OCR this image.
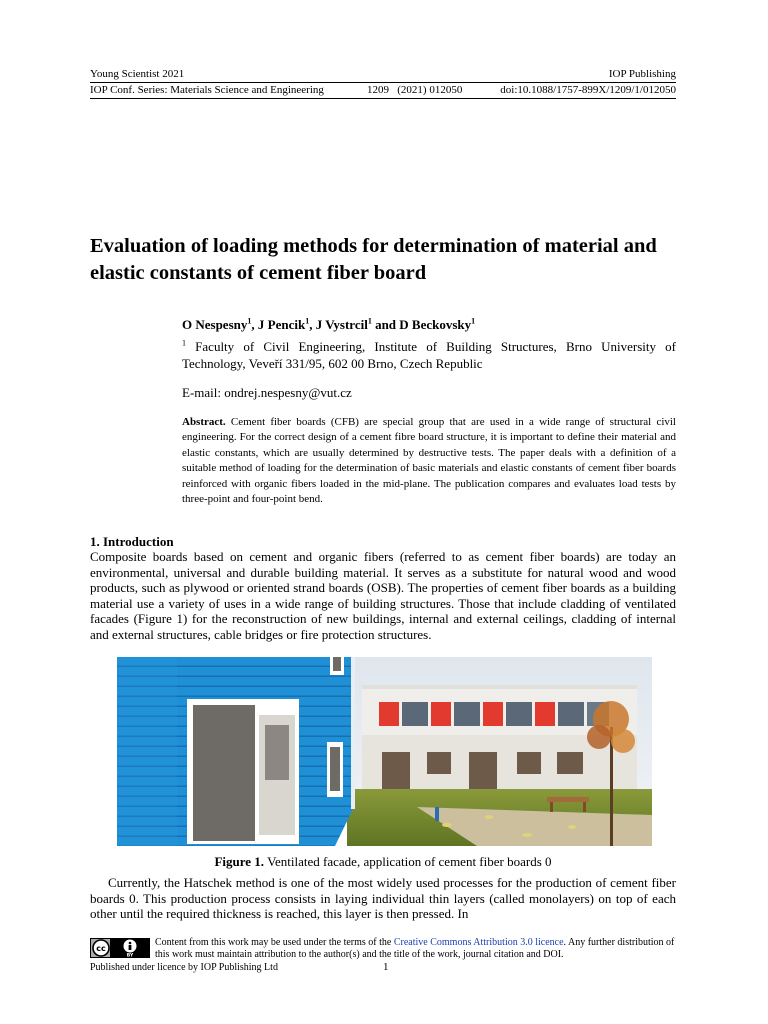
Young Scientist 2021	IOP Publishing
IOP Conf. Series: Materials Science and Engineering	1209   (2021) 012050	doi:10.1088/1757-899X/1209/1/012050
Evaluation of loading methods for determination of material and elastic constants of cement fiber board
O Nespesny$^1$, J Pencik$^1$, J Vystrcil$^1$ and D Beckovsky$^1$
$^1$ Faculty of Civil Engineering, Institute of Building Structures, Brno University of Technology, Veveří 331/95, 602 00 Brno, Czech Republic
E-mail: ondrej.nespesny@vut.cz
Abstract. Cement fiber boards (CFB) are special group that are used in a wide range of structural civil engineering. For the correct design of a cement fibre board structure, it is important to define their material and elastic constants, which are usually determined by destructive tests. The paper deals with a definition of a suitable method of loading for the determination of basic materials and elastic constants of cement fiber boards reinforced with organic fibers loaded in the mid-plane. The publication compares and evaluates load tests by three-point and four-point bend.
1. Introduction
Composite boards based on cement and organic fibers (referred to as cement fiber boards) are today an environmental, universal and durable building material. It serves as a substitute for natural wood and wood products, such as plywood or oriented strand boards (OSB). The properties of cement fiber boards as a building material use a variety of uses in a wide range of building structures. Those that include cladding of ventilated facades (Figure 1) for the reconstruction of new buildings, internal and external ceilings, cladding of internal and external structures, cable bridges or fire protection structures.
Figure 1. Ventilated facade, application of cement fiber boards 0
Currently, the Hatschek method is one of the most widely used processes for the production of cement fiber boards 0. This production process consists in laying individual thin layers (called monolayers) on top of each other until the required thickness is reached, this layer is then pressed. In
cc
BY
Content from this work may be used under the terms of the Creative Commons Attribution 3.0 licence. Any further distribution of this work must maintain attribution to the author(s) and the title of the work, journal citation and DOI.
Published under licence by IOP Publishing Ltd	1
